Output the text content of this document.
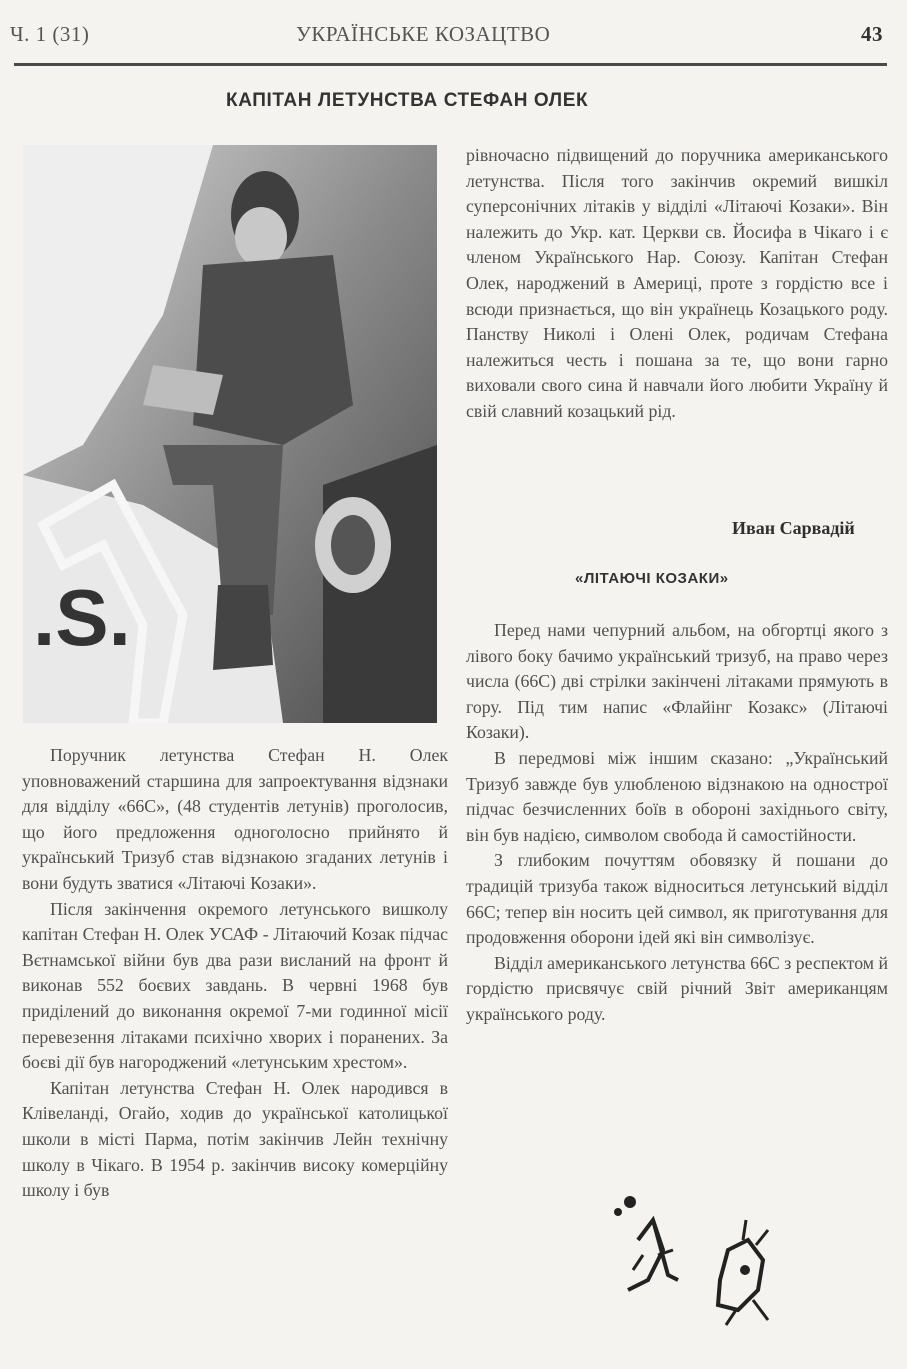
Ч. 1 (31)	УКРАЇНСЬКЕ КОЗАЦТВО	43
КАПІТАН ЛЕТУНСТВА СТЕФАН ОЛЕК
.S.

рівночасно підвищений до поручника американського летунства. Після того закінчив окремий вишкіл суперсонічних літаків у відділі «Літаючі Козаки». Він належить до Укр. кат. Церкви св. Йосифа в Чікаго і є членом Українського Нар. Союзу. Капітан Стефан Олек, народжений в Америці, проте з гордістю все і всюди признається, що він українець Козацького роду. Панству Николі і Олені Олек, родичам Стефана належиться честь і пошана за те, що вони гарно виховали свого сина й навчали його любити Україну й свій славний козацький рід.

Иван Сарвадій
«ЛІТАЮЧІ КОЗАКИ»

Перед нами чепурний альбом, на обгортці якого з лівого боку бачимо український тризуб, на право через числа (66С) дві стрілки закінчені літаками прямують в гору. Під тим напис «Флайінг Козакс» (Літаючі Козаки).

В передмові між іншим сказано: „Український Тризуб завжде був улюбленою відзнакою на однострої підчас безчисленних боїв в обороні західнього світу, він був надією, символом свобода й самостійности.

З глибоким почуттям обовязку й пошани до традицій тризуба також відноситься летунський відділ 66С; тепер він носить цей символ, як приготування для продовження оборони ідей які він символізує.

Відділ американського летунства 66С з респектом й гордістю присвячує свій річний Звіт американцям українського роду.

Поручник летунства Стефан Н. Олек уповноважений старшина для запроектування відзнаки для відділу «66С», (48 студентів летунів) проголосив, що його предложення одноголосно прийнято й український Тризуб став відзнакою згаданих летунів і вони будуть зватися «Літаючі Козаки».

Після закінчення окремого летунського вишколу капітан Стефан Н. Олек УСАФ - Літаючий Козак підчас Вєтнамської війни був два рази висланий на фронт й виконав 552 боєвих завдань. В червні 1968 був приділений до виконання окремої 7-ми годинної місії перевезення літаками психічно хворих і поранених. За боєві дії був нагороджений «летунським хрестом».

Капітан летунства Стефан Н. Олек народився в Клівеланді, Огайо, ходив до української католицької школи в місті Парма, потім закінчив Лейн технічну школу в Чікаго. В 1954 р. закінчив високу комерційну школу і був
